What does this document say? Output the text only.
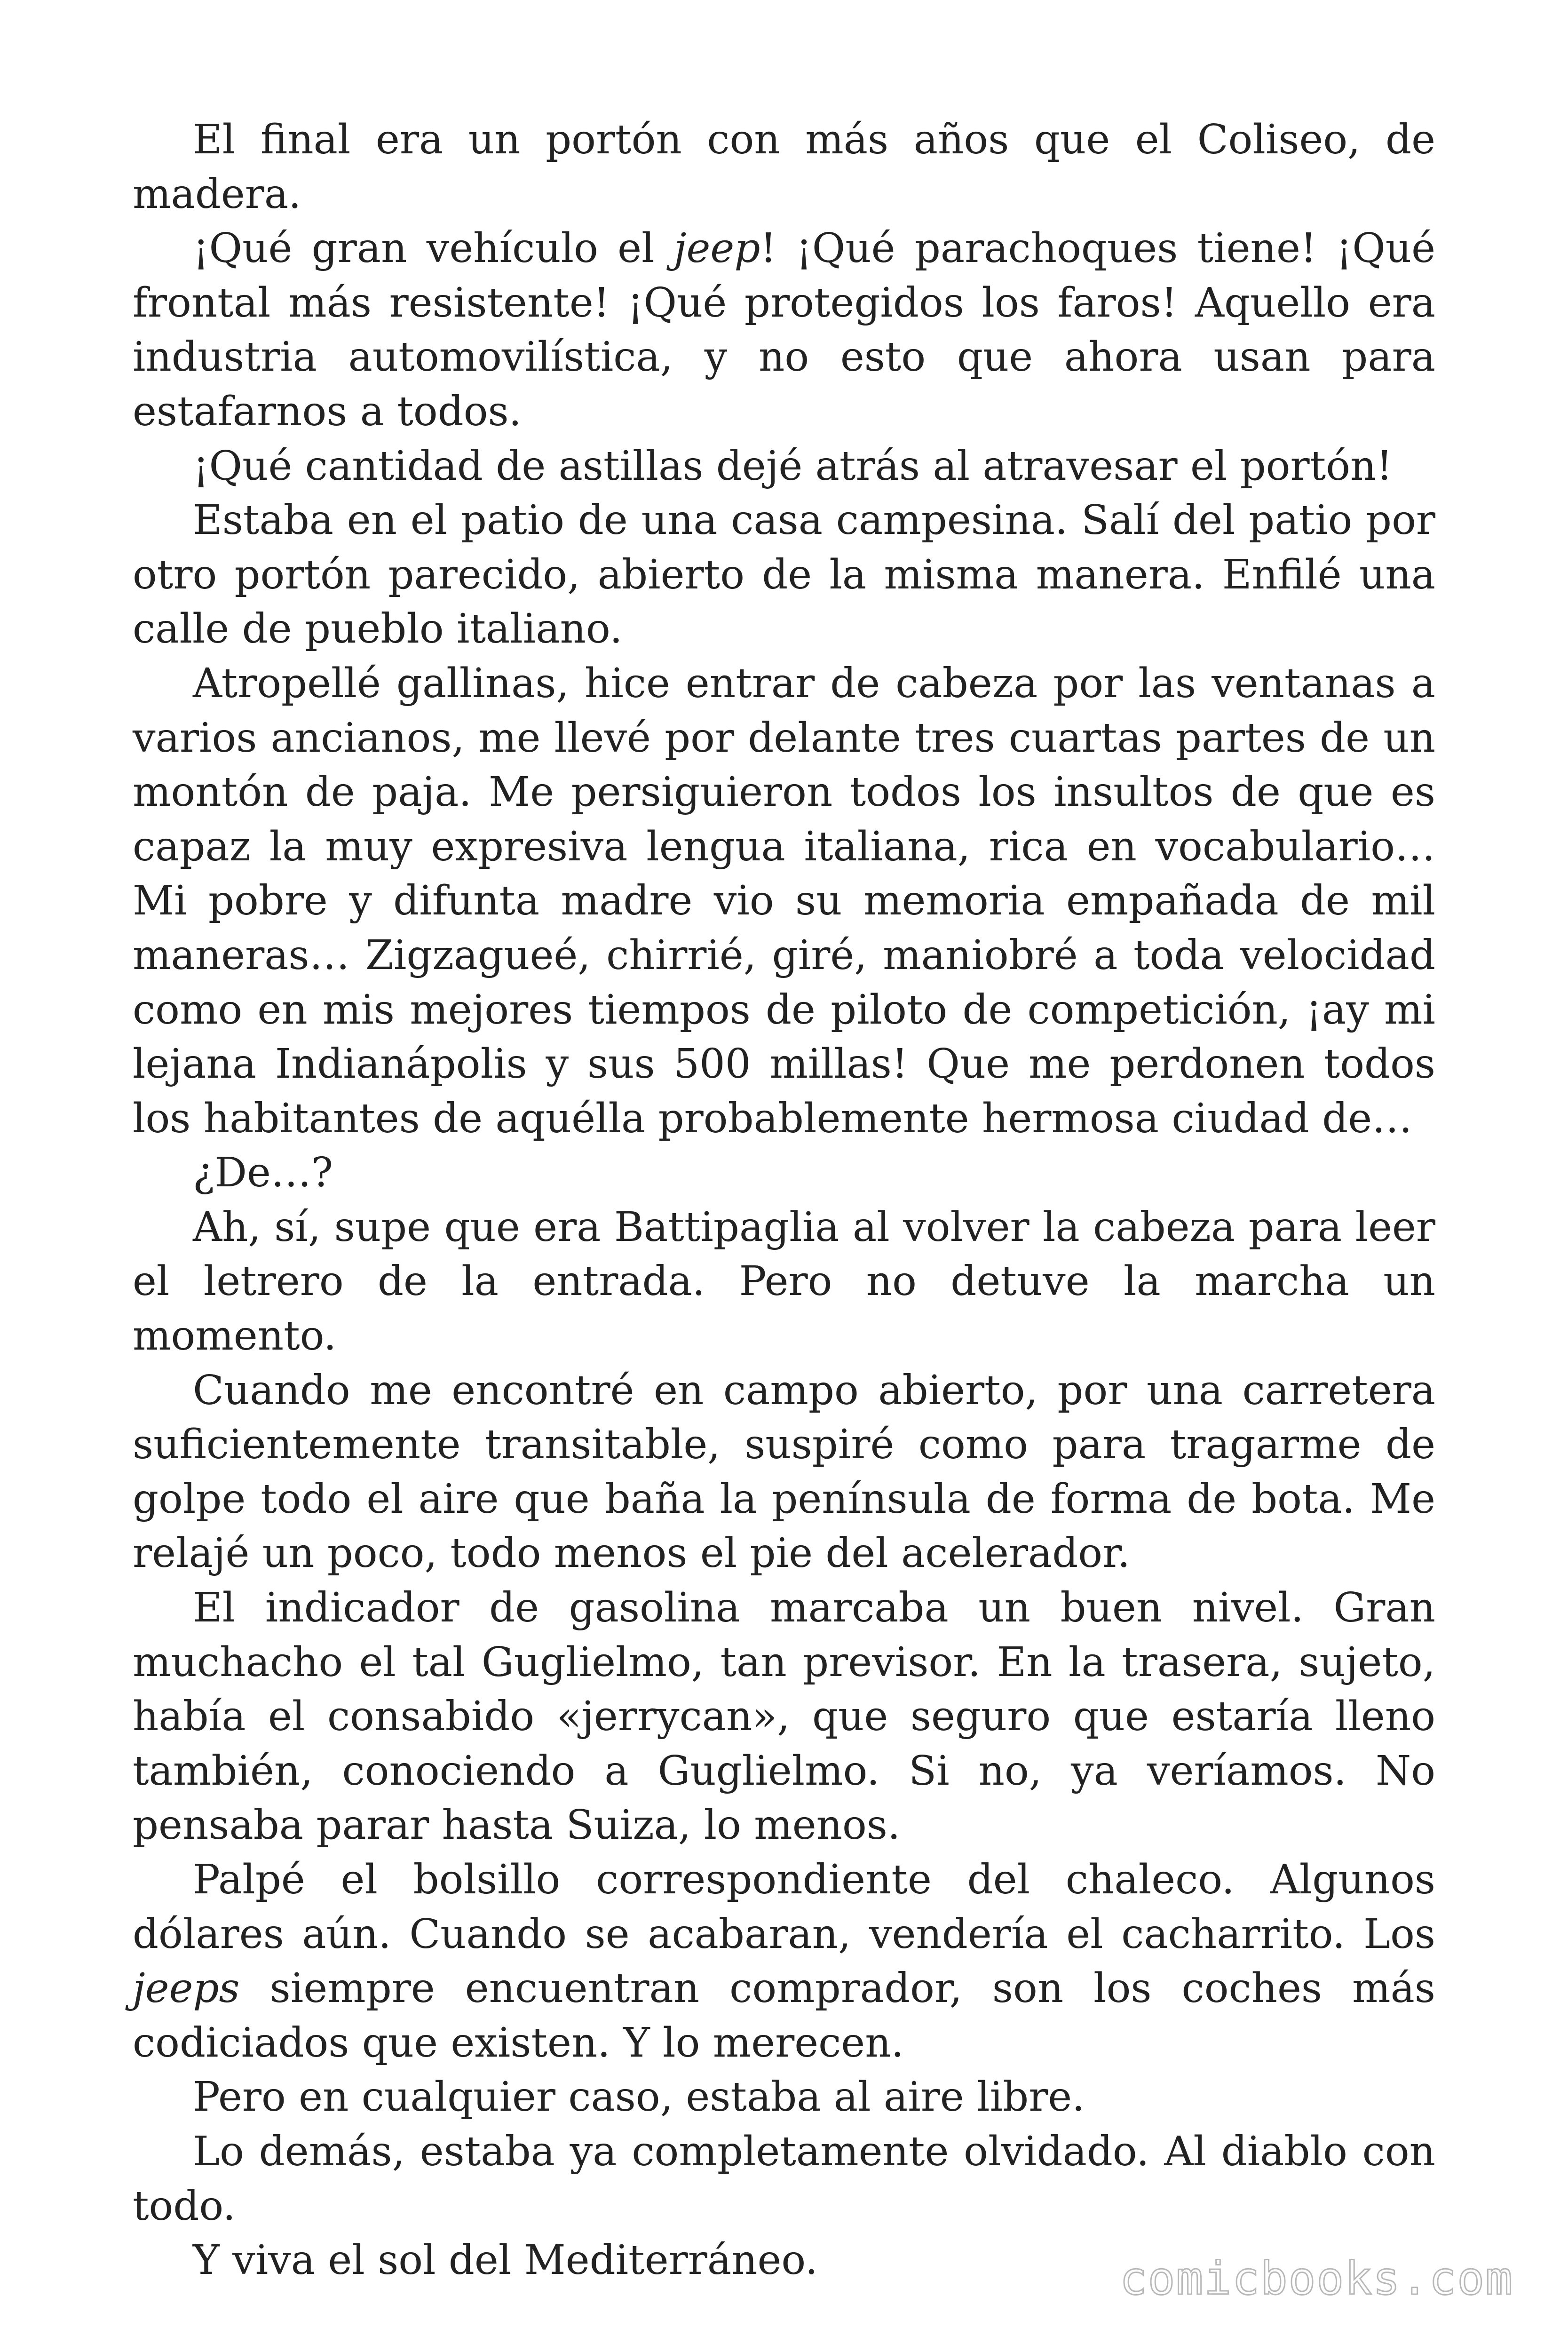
El final era un portón con más años que el Coliseo, de madera.

¡Qué gran vehículo el jeep! ¡Qué parachoques tiene! ¡Qué frontal más resistente! ¡Qué protegidos los faros! Aquello era industria automovilística, y no esto que ahora usan para estafarnos a todos.

¡Qué cantidad de astillas dejé atrás al atravesar el portón!

Estaba en el patio de una casa campesina. Salí del patio por otro portón parecido, abierto de la misma manera. Enfilé una calle de pueblo italiano.

Atropellé gallinas, hice entrar de cabeza por las ventanas a varios ancianos, me llevé por delante tres cuartas partes de un montón de paja. Me persiguieron todos los insultos de que es capaz la muy expresiva lengua italiana, rica en vocabulario… Mi pobre y difunta madre vio su memoria empañada de mil maneras… Zigzagueé, chirrié, giré, maniobré a toda velocidad como en mis mejores tiempos de piloto de competición, ¡ay mi lejana Indianápolis y sus 500 millas! Que me perdonen todos los habitantes de aquélla probablemente hermosa ciudad de…

¿De…?

Ah, sí, supe que era Battipaglia al volver la cabeza para leer el letrero de la entrada. Pero no detuve la marcha un momento.

Cuando me encontré en campo abierto, por una carretera suficientemente transitable, suspiré como para tragarme de golpe todo el aire que baña la península de forma de bota. Me relajé un poco, todo menos el pie del acelerador.

El indicador de gasolina marcaba un buen nivel. Gran muchacho el tal Guglielmo, tan previsor. En la trasera, sujeto, había el consabido «jerrycan», que seguro que estaría lleno también, conociendo a Guglielmo. Si no, ya veríamos. No pensaba parar hasta Suiza, lo menos.

Palpé el bolsillo correspondiente del chaleco. Algunos dólares aún. Cuando se acabaran, vendería el cacharrito. Los jeeps siempre encuentran comprador, son los coches más codiciados que existen. Y lo merecen.

Pero en cualquier caso, estaba al aire libre.

Lo demás, estaba ya completamente olvidado. Al diablo con todo.

Y viva el sol del Mediterráneo.	comicbooks.com
